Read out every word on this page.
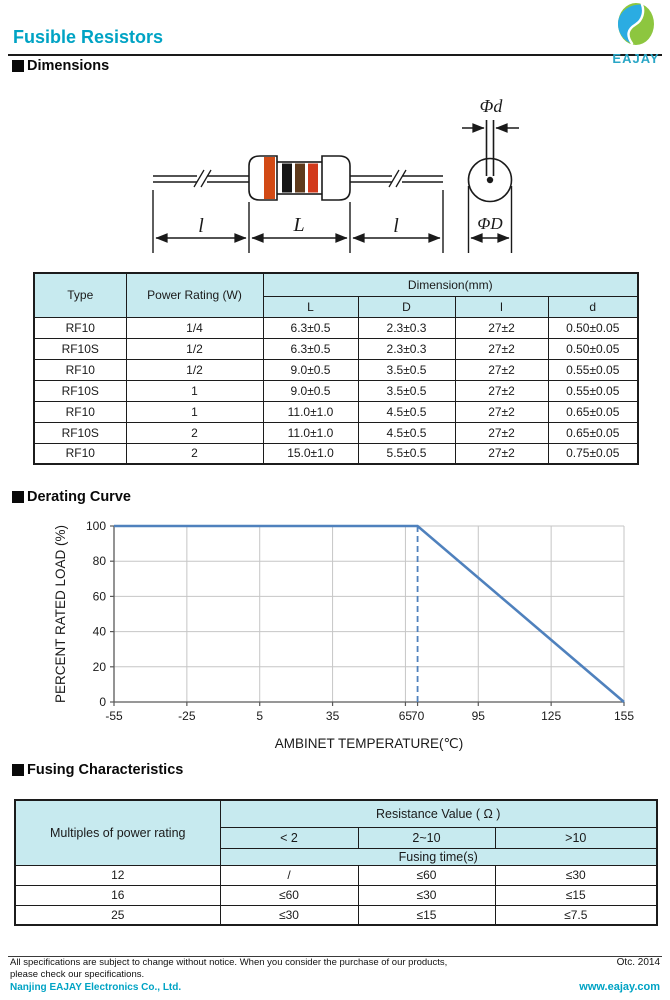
Fusible Resistors
EAJAY
Dimensions
l	L	l
Φd
ΦD
Type	Power Rating (W)	Dimension(mm)			
		L	D	l	d
RF10	1/4	6.3±0.5	2.3±0.3	27±2	0.50±0.05
RF10S	1/2	6.3±0.5	2.3±0.3	27±2	0.50±0.05
RF10	1/2	9.0±0.5	3.5±0.5	27±2	0.55±0.05
RF10S	1	9.0±0.5	3.5±0.5	27±2	0.55±0.05
RF10	1	11.0±1.0	4.5±0.5	27±2	0.65±0.05
RF10S	2	11.0±1.0	4.5±0.5	27±2	0.65±0.05
RF10	2	15.0±1.0	5.5±0.5	27±2	0.75±0.05
Derating Curve
-55	-25	5	35	65
70	95	125	155
0
20
40
60
80
100
AMBINET TEMPERATURE(℃)
PERCENT RATED LOAD (%)
Fusing Characteristics
Multiples of power rating	Resistance Value ( Ω )		
	< 2	2~10	>10
	Fusing time(s)		
12	/	≤60	≤30
16	≤60	≤30	≤15
25	≤30	≤15	≤7.5
All specifications are subject to change without notice. When you consider the purchase of our products,	Otc. 2014
please check our specifications.
Nanjing EAJAY Electronics Co., Ltd.	www.eajay.com
